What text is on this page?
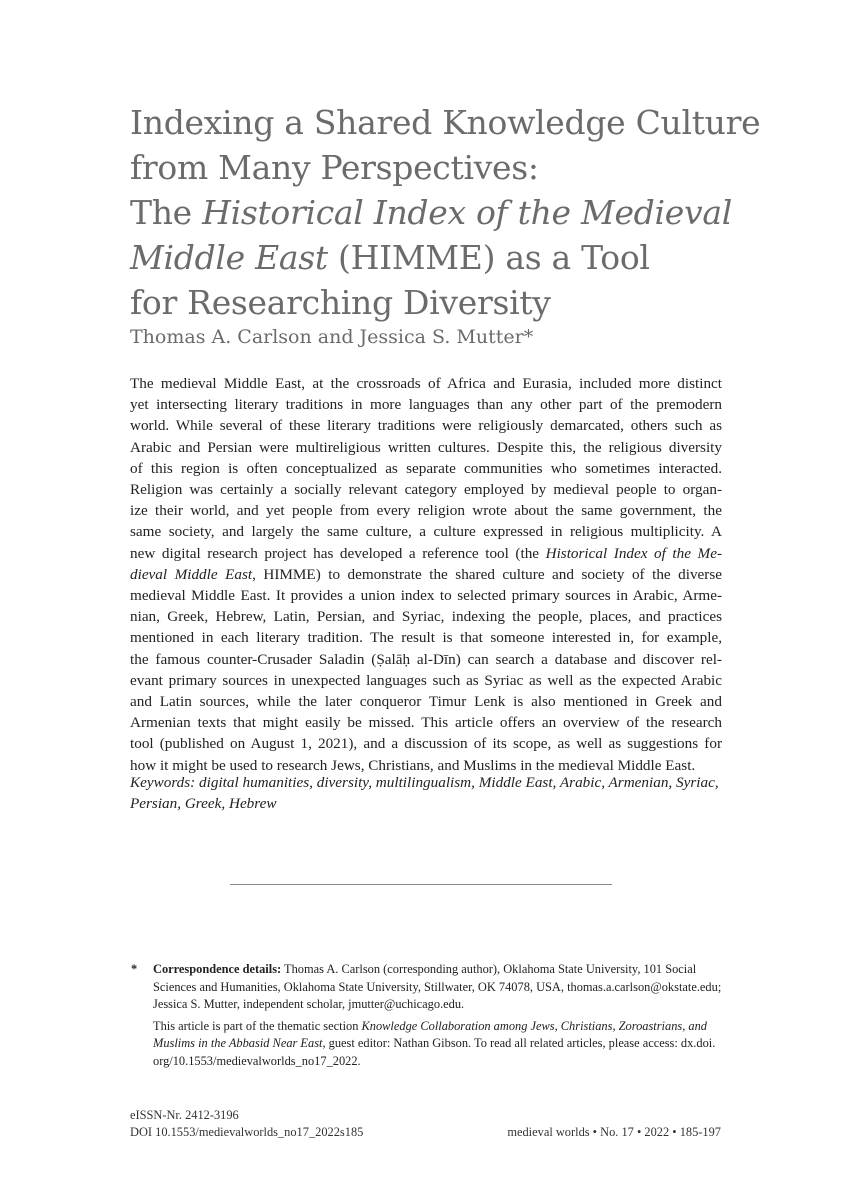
Indexing a Shared Knowledge Culture
from Many Perspectives:
The Historical Index of the Medieval
Middle East (HIMME) as a Tool
for Researching Diversity
Thomas A. Carlson and Jessica S. Mutter*
The medieval Middle East, at the crossroads of Africa and Eurasia, included more distinct
yet intersecting literary traditions in more languages than any other part of the premodern
world. While several of these literary traditions were religiously demarcated, others such as
Arabic and Persian were multireligious written cultures. Despite this, the religious diversity
of this region is often conceptualized as separate communities who sometimes interacted.
Religion was certainly a socially relevant category employed by medieval people to organ-
ize their world, and yet people from every religion wrote about the same government, the
same society, and largely the same culture, a culture expressed in religious multiplicity. A
new digital research project has developed a reference tool (the Historical Index of the Me-
dieval Middle East, HIMME) to demonstrate the shared culture and society of the diverse
medieval Middle East. It provides a union index to selected primary sources in Arabic, Arme-
nian, Greek, Hebrew, Latin, Persian, and Syriac, indexing the people, places, and practices
mentioned in each literary tradition. The result is that someone interested in, for example,
the famous counter-Crusader Saladin (Ṣalāḥ al-Dīn) can search a database and discover rel-
evant primary sources in unexpected languages such as Syriac as well as the expected Arabic
and Latin sources, while the later conqueror Timur Lenk is also mentioned in Greek and
Armenian texts that might easily be missed. This article offers an overview of the research
tool (published on August 1, 2021), and a discussion of its scope, as well as suggestions for
how it might be used to research Jews, Christians, and Muslims in the medieval Middle East.
Keywords: digital humanities, diversity, multilingualism, Middle East, Arabic, Armenian, Syriac,
Persian, Greek, Hebrew
* Correspondence details: Thomas A. Carlson (corresponding author), Oklahoma State University, 101 Social
Sciences and Humanities, Oklahoma State University, Stillwater, OK 74078, USA, thomas.a.carlson@okstate.edu;
Jessica S. Mutter, independent scholar, jmutter@uchicago.edu.
This article is part of the thematic section Knowledge Collaboration among Jews, Christians, Zoroastrians, and
Muslims in the Abbasid Near East, guest editor: Nathan Gibson. To read all related articles, please access: dx.doi.
org/10.1553/medievalworlds_no17_2022.
eISSN-Nr. 2412-3196
DOI 10.1553/medievalworlds_no17_2022s185	medieval worlds • No. 17 • 2022 • 185-197
